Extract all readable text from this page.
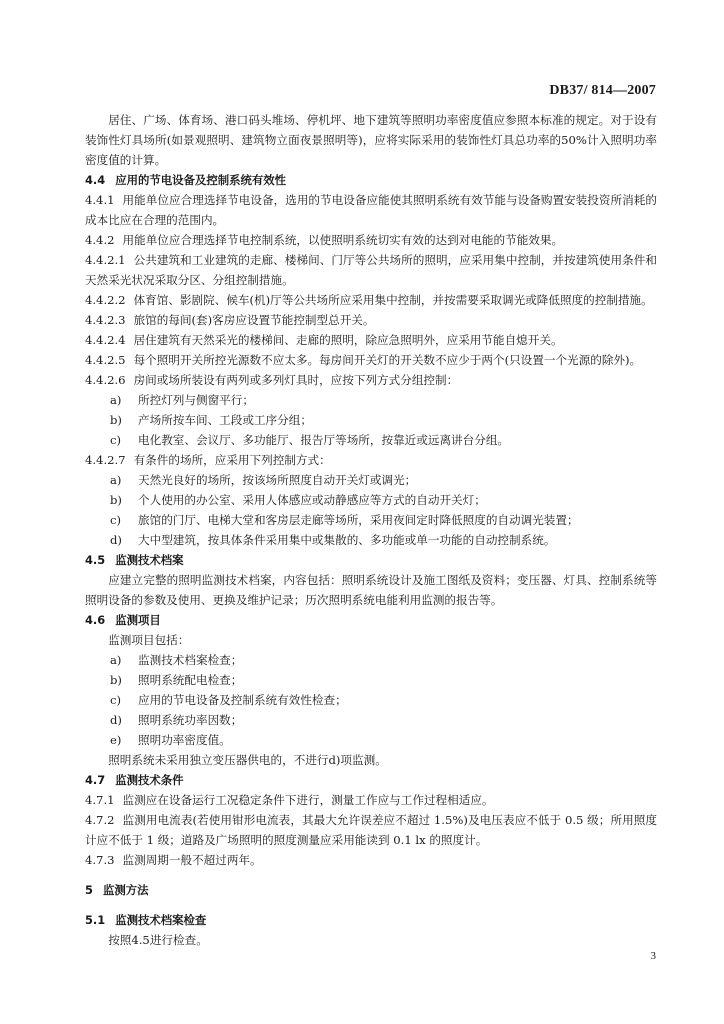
DB37/ 814—2007

居住、广场、体育场、港口码头堆场、停机坪、地下建筑等照明功率密度值应参照本标准的规定。对于设有装饰性灯具场所(如景观照明、建筑物立面夜景照明等)，应将实际采用的装饰性灯具总功率的50%计入照明功率密度值的计算。

4.4 应用的节电设备及控制系统有效性

4.4.1 用能单位应合理选择节电设备，选用的节电设备应能使其照明系统有效节能与设备购置安装投资所消耗的成本比应在合理的范围内。

4.4.2 用能单位应合理选择节电控制系统，以使照明系统切实有效的达到对电能的节能效果。

4.4.2.1 公共建筑和工业建筑的走廊、楼梯间、门厅等公共场所的照明，应采用集中控制，并按建筑使用条件和天然采光状况采取分区、分组控制措施。

4.4.2.2 体育馆、影剧院、候车(机)厅等公共场所应采用集中控制，并按需要采取调光或降低照度的控制措施。

4.4.2.3 旅馆的每间(套)客房应设置节能控制型总开关。

4.4.2.4 居住建筑有天然采光的楼梯间、走廊的照明，除应急照明外，应采用节能自熄开关。

4.4.2.5 每个照明开关所控光源数不应太多。每房间开关灯的开关数不应少于两个(只设置一个光源的除外)。

4.4.2.6 房间或场所装设有两列或多列灯具时，应按下列方式分组控制：

a) 所控灯列与侧窗平行；

b) 产场所按车间、工段或工序分组；

c) 电化教室、会议厅、多功能厅、报告厅等场所，按靠近或远离讲台分组。

4.4.2.7 有条件的场所，应采用下列控制方式：

a) 天然光良好的场所，按该场所照度自动开关灯或调光；

b) 个人使用的办公室、采用人体感应或动静感应等方式的自动开关灯；

c) 旅馆的门厅、电梯大堂和客房层走廊等场所，采用夜间定时降低照度的自动调光装置；

d) 大中型建筑，按具体条件采用集中或集散的、多功能或单一功能的自动控制系统。

4.5 监测技术档案

应建立完整的照明监测技术档案，内容包括：照明系统设计及施工图纸及资料；变压器、灯具、控制系统等照明设备的参数及使用、更换及维护记录；历次照明系统电能利用监测的报告等。

4.6 监测项目

监测项目包括：

a) 监测技术档案检查；

b) 照明系统配电检查；

c) 应用的节电设备及控制系统有效性检查；

d) 照明系统功率因数；

e) 照明功率密度值。

照明系统未采用独立变压器供电的，不进行d)项监测。

4.7 监测技术条件

4.7.1 监测应在设备运行工况稳定条件下进行，测量工作应与工作过程相适应。

4.7.2 监测用电流表(若使用钳形电流表，其最大允许误差应不超过 1.5%)及电压表应不低于 0.5 级；所用照度计应不低于 1 级；道路及广场照明的照度测量应采用能读到 0.1 lx 的照度计。

4.7.3 监测周期一般不超过两年。

5 监测方法

5.1 监测技术档案检查

按照4.5进行检查。

3
